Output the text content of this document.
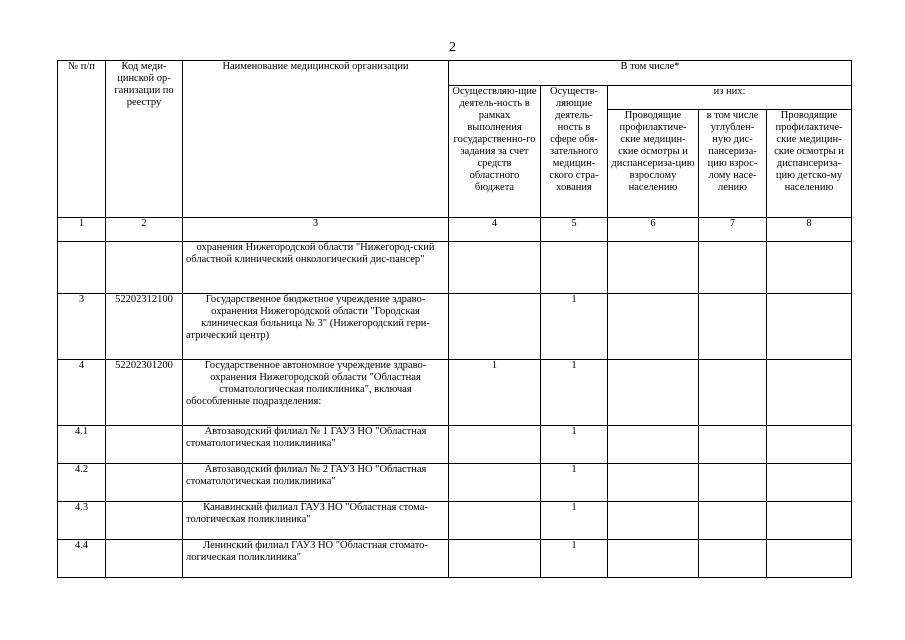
2
№ п/п	Код меди-цинской ор-ганизации по реестру	Наименование медицинской организации	В том числе*				
			Осуществляю-щие деятель-ность в рамках выполнения государственно-го задания за счет средств областного бюджета	Осуществ-ляющие деятель-ность в сфере обя-зательного медицин-ского стра-хования	из них:		
					Проводящие профилактиче-ские медицин-ские осмотры и диспансериза-цию взрослому населению	в том числе углублен-ную дис-пансериза-цию взрос-лому насе-лению	Проводящие профилактиче-ские медицин-ские осмотры и диспансериза-цию детско-му населению
1	2	3	4	5	6	7	8
		охранения Нижегородской области "Нижегород-ский областной клинический онкологический дис-пансер"					
3	52202312100	Государственное бюджетное учреждение здраво-охранения Нижегородской области "Городская клиническая больница № 3" (Нижегородский гери-атрический центр)		1			
4	52202301200	Государственное автономное учреждение здраво-охранения Нижегородской области "Областная стоматологическая поликлиника", включая обособленные подразделения:	1	1			
4.1		Автозаводский филиал № 1 ГАУЗ НО "Областная стоматологическая поликлиника"		1			
4.2		Автозаводский филиал № 2 ГАУЗ НО "Областная стоматологическая поликлиника"		1			
4.3		Канавинский филиал ГАУЗ НО "Областная стома-тологическая поликлиника"		1			
4.4		Ленинский филиал ГАУЗ НО "Областная стомато-логическая поликлиника"		1			
